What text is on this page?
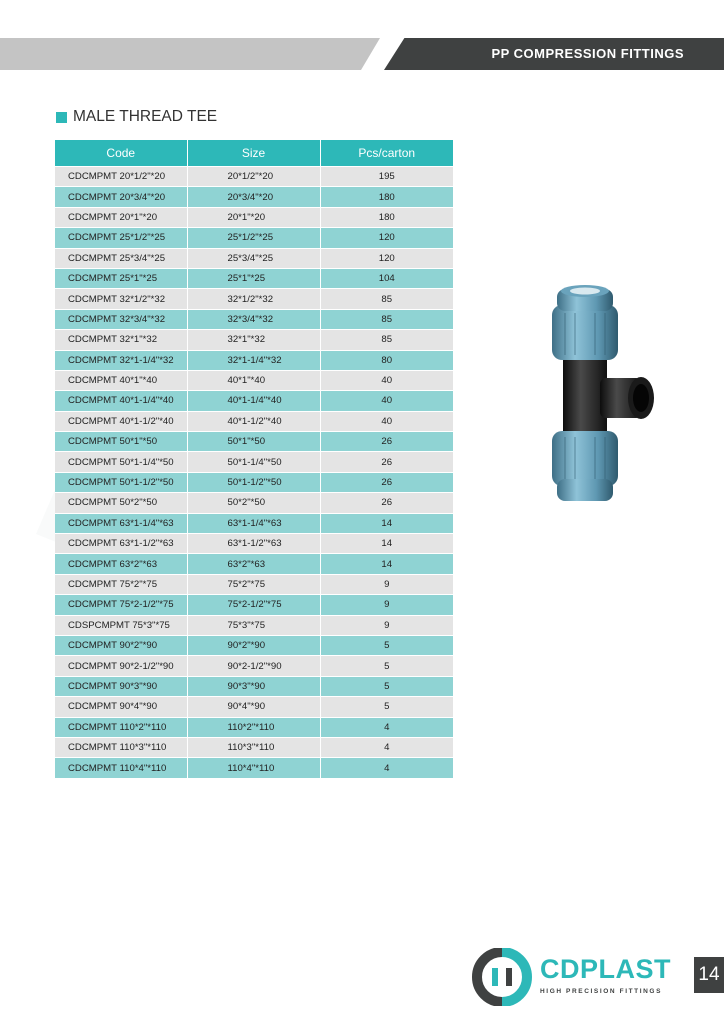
PP COMPRESSION FITTINGS
MALE THREAD TEE
Code	Size	Pcs/carton
CDCMPMT 20*1/2"*20	20*1/2"*20	195
CDCMPMT 20*3/4"*20	20*3/4"*20	180
CDCMPMT 20*1"*20	20*1"*20	180
CDCMPMT 25*1/2"*25	25*1/2"*25	120
CDCMPMT 25*3/4"*25	25*3/4"*25	120
CDCMPMT 25*1"*25	25*1"*25	104
CDCMPMT 32*1/2"*32	32*1/2"*32	85
CDCMPMT 32*3/4"*32	32*3/4"*32	85
CDCMPMT 32*1"*32	32*1"*32	85
CDCMPMT 32*1-1/4"*32	32*1-1/4"*32	80
CDCMPMT 40*1"*40	40*1"*40	40
CDCMPMT 40*1-1/4"*40	40*1-1/4"*40	40
CDCMPMT 40*1-1/2"*40	40*1-1/2"*40	40
CDCMPMT 50*1"*50	50*1"*50	26
CDCMPMT 50*1-1/4"*50	50*1-1/4"*50	26
CDCMPMT 50*1-1/2"*50	50*1-1/2"*50	26
CDCMPMT 50*2"*50	50*2"*50	26
CDCMPMT 63*1-1/4"*63	63*1-1/4"*63	14
CDCMPMT 63*1-1/2"*63	63*1-1/2"*63	14
CDCMPMT 63*2"*63	63*2"*63	14
CDCMPMT 75*2"*75	75*2"*75	9
CDCMPMT 75*2-1/2"*75	75*2-1/2"*75	9
CDSPCMPMT 75*3"*75	75*3"*75	9
CDCMPMT 90*2"*90	90*2"*90	5
CDCMPMT 90*2-1/2"*90	90*2-1/2"*90	5
CDCMPMT 90*3"*90	90*3"*90	5
CDCMPMT 90*4"*90	90*4"*90	5
CDCMPMT 110*2"*110	110*2"*110	4
CDCMPMT 110*3"*110	110*3"*110	4
CDCMPMT 110*4"*110	110*4"*110	4
CDPLAST
HIGH PRECISION FITTINGS
14
